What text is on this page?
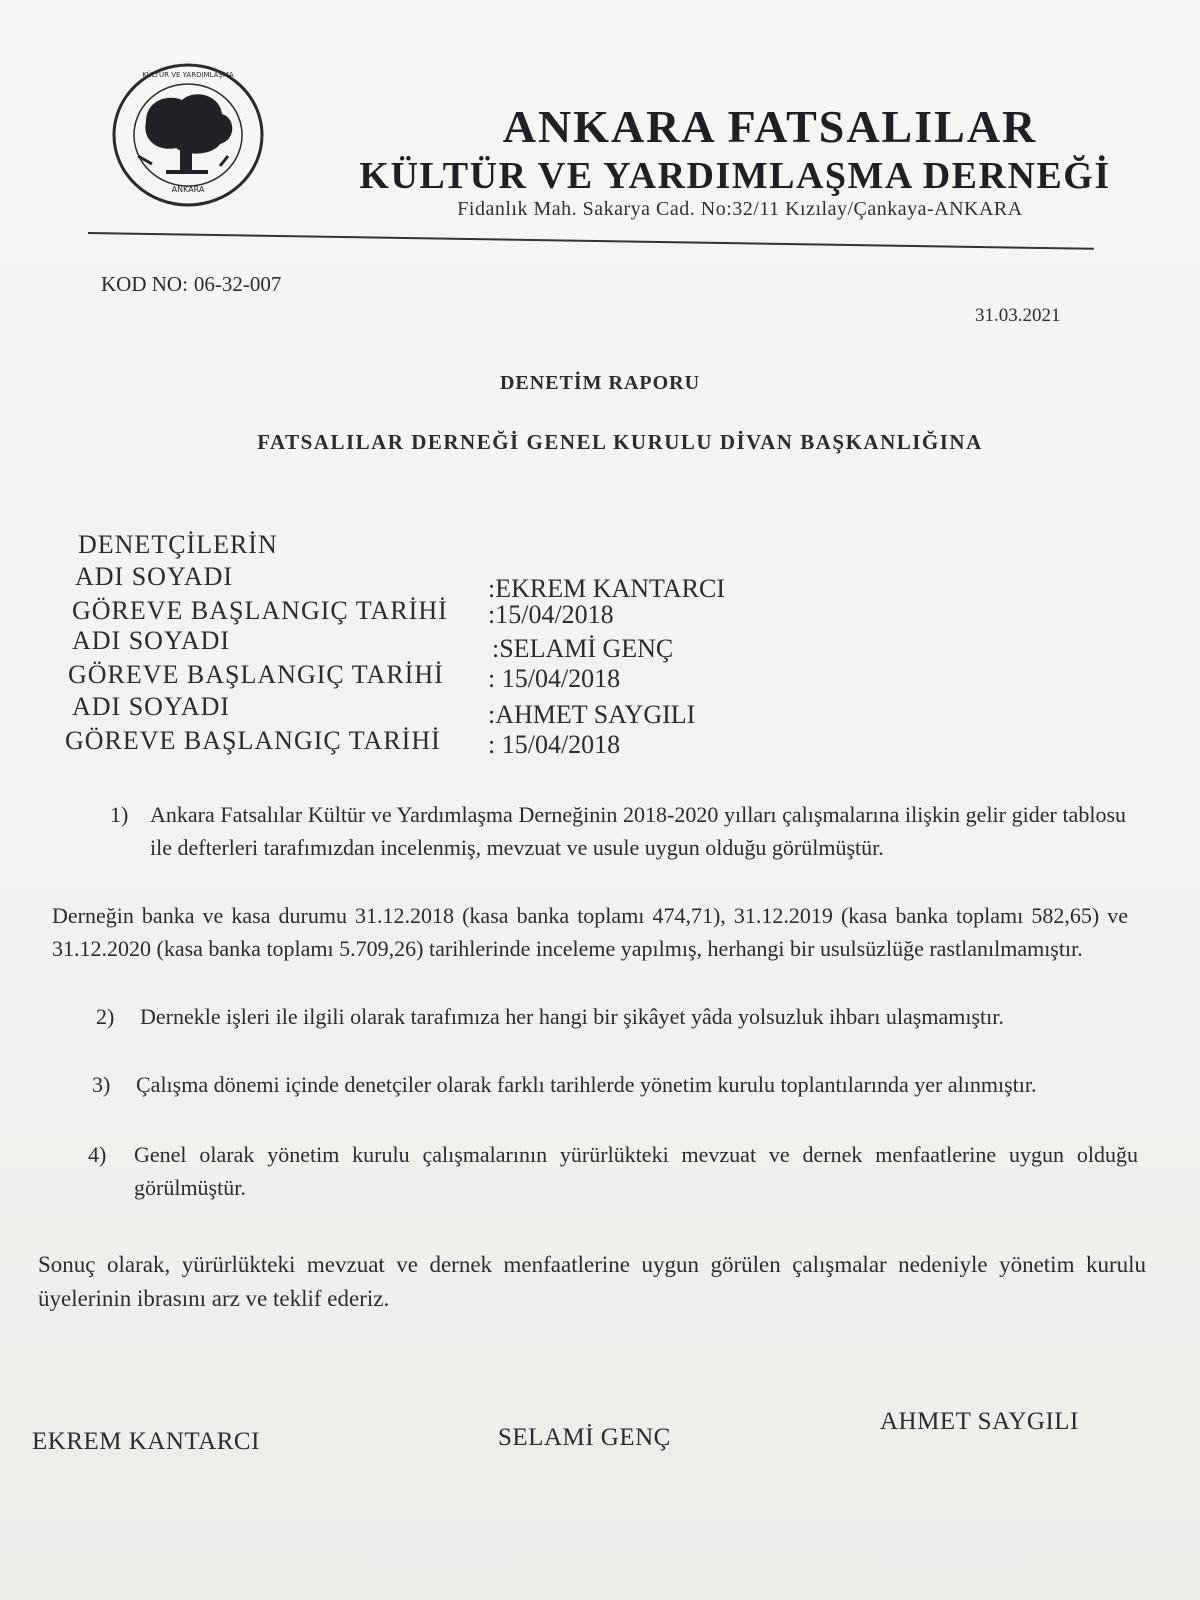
ANKARA
KÜLTÜR VE YARDIMLAŞMA
ANKARA FATSALILAR
KÜLTÜR VE YARDIMLAŞMA DERNEĞİ
Fidanlık Mah. Sakarya Cad. No:32/11 Kızılay/Çankaya-ANKARA
KOD NO: 06-32-007
31.03.2021
DENETİM RAPORU
FATSALILAR DERNEĞİ GENEL KURULU DİVAN BAŞKANLIĞINA
DENETÇİLERİN
ADI SOYADI	:EKREM KANTARCI
GÖREVE BAŞLANGIÇ TARİHİ :15/04/2018
ADI SOYADI	:SELAMİ GENÇ
GÖREVE BAŞLANGIÇ TARİHİ : 15/04/2018
ADI SOYADI	:AHMET SAYGILI
GÖREVE BAŞLANGIÇ TARİHİ : 15/04/2018
1) Ankara Fatsalılar Kültür ve Yardımlaşma Derneğinin 2018-2020 yılları çalışmalarına ilişkin gelir gider tablosu ile defterleri tarafımızdan incelenmiş, mevzuat ve usule uygun olduğu görülmüştür.
Derneğin banka ve kasa durumu 31.12.2018 (kasa banka toplamı 474,71), 31.12.2019 (kasa banka toplamı 582,65) ve 31.12.2020 (kasa banka toplamı 5.709,26) tarihlerinde inceleme yapılmış, herhangi bir usulsüzlüğe rastlanılmamıştır.
2) Dernekle işleri ile ilgili olarak tarafımıza her hangi bir şikâyet yâda yolsuzluk ihbarı ulaşmamıştır.
3) Çalışma dönemi içinde denetçiler olarak farklı tarihlerde yönetim kurulu toplantılarında yer alınmıştır.
4) Genel olarak yönetim kurulu çalışmalarının yürürlükteki mevzuat ve dernek menfaatlerine uygun olduğu görülmüştür.
Sonuç olarak, yürürlükteki mevzuat ve dernek menfaatlerine uygun görülen çalışmalar nedeniyle yönetim kurulu üyelerinin ibrasını arz ve teklif ederiz.
EKREM KANTARCI	SELAMİ GENÇ
AHMET SAYGILI
